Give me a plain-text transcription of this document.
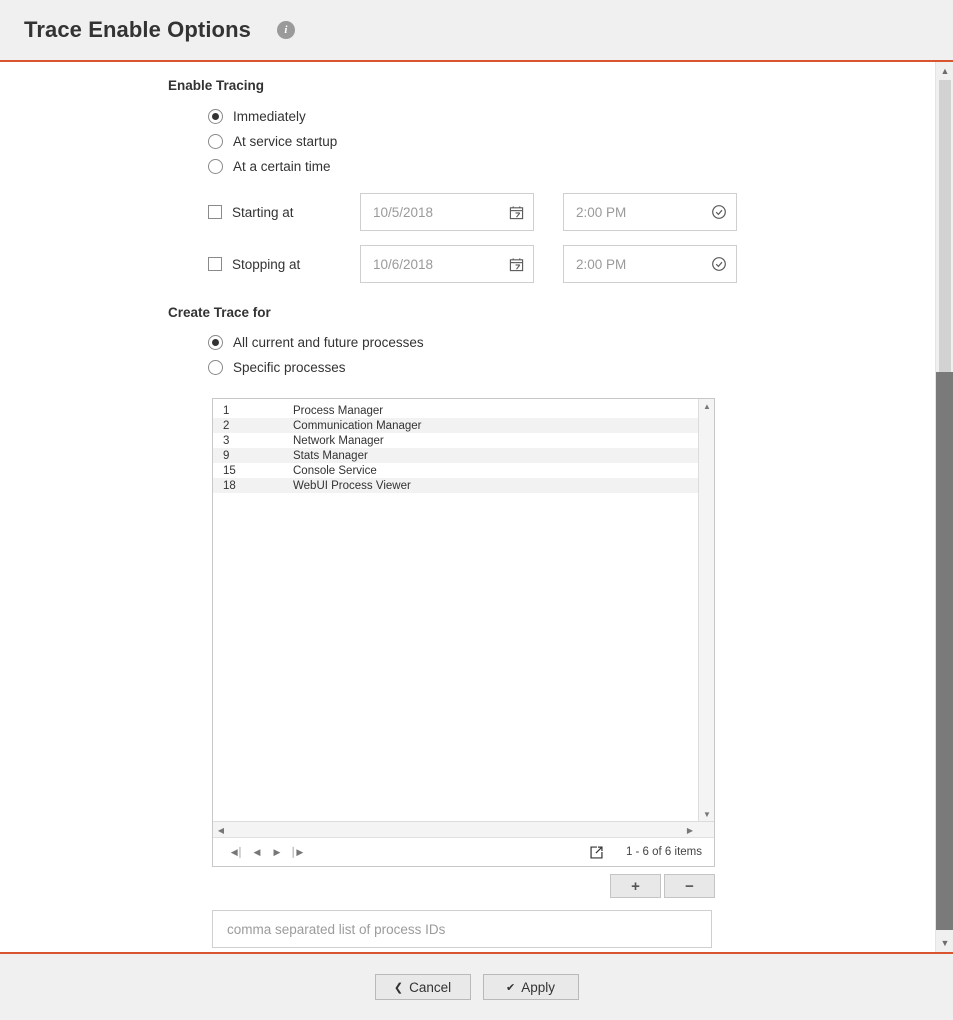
Trace Enable Options	i
Enable Tracing
Immediately
At service startup
At a certain time
Starting at	10/5/2018	2:00 PM
Stopping at	10/6/2018	2:00 PM
Create Trace for
All current and future processes
Specific processes
1	Process Manager
2	Communication Manager
3	Network Manager
9	Stats Manager
15	Console Service
18	WebUI Process Viewer
▲
▼
◀	▶
◀│	◀	▶	│▶	1 - 6 of 6 items
+	−
comma separated list of process IDs
▲
▼
❮ Cancel	✔ Apply
